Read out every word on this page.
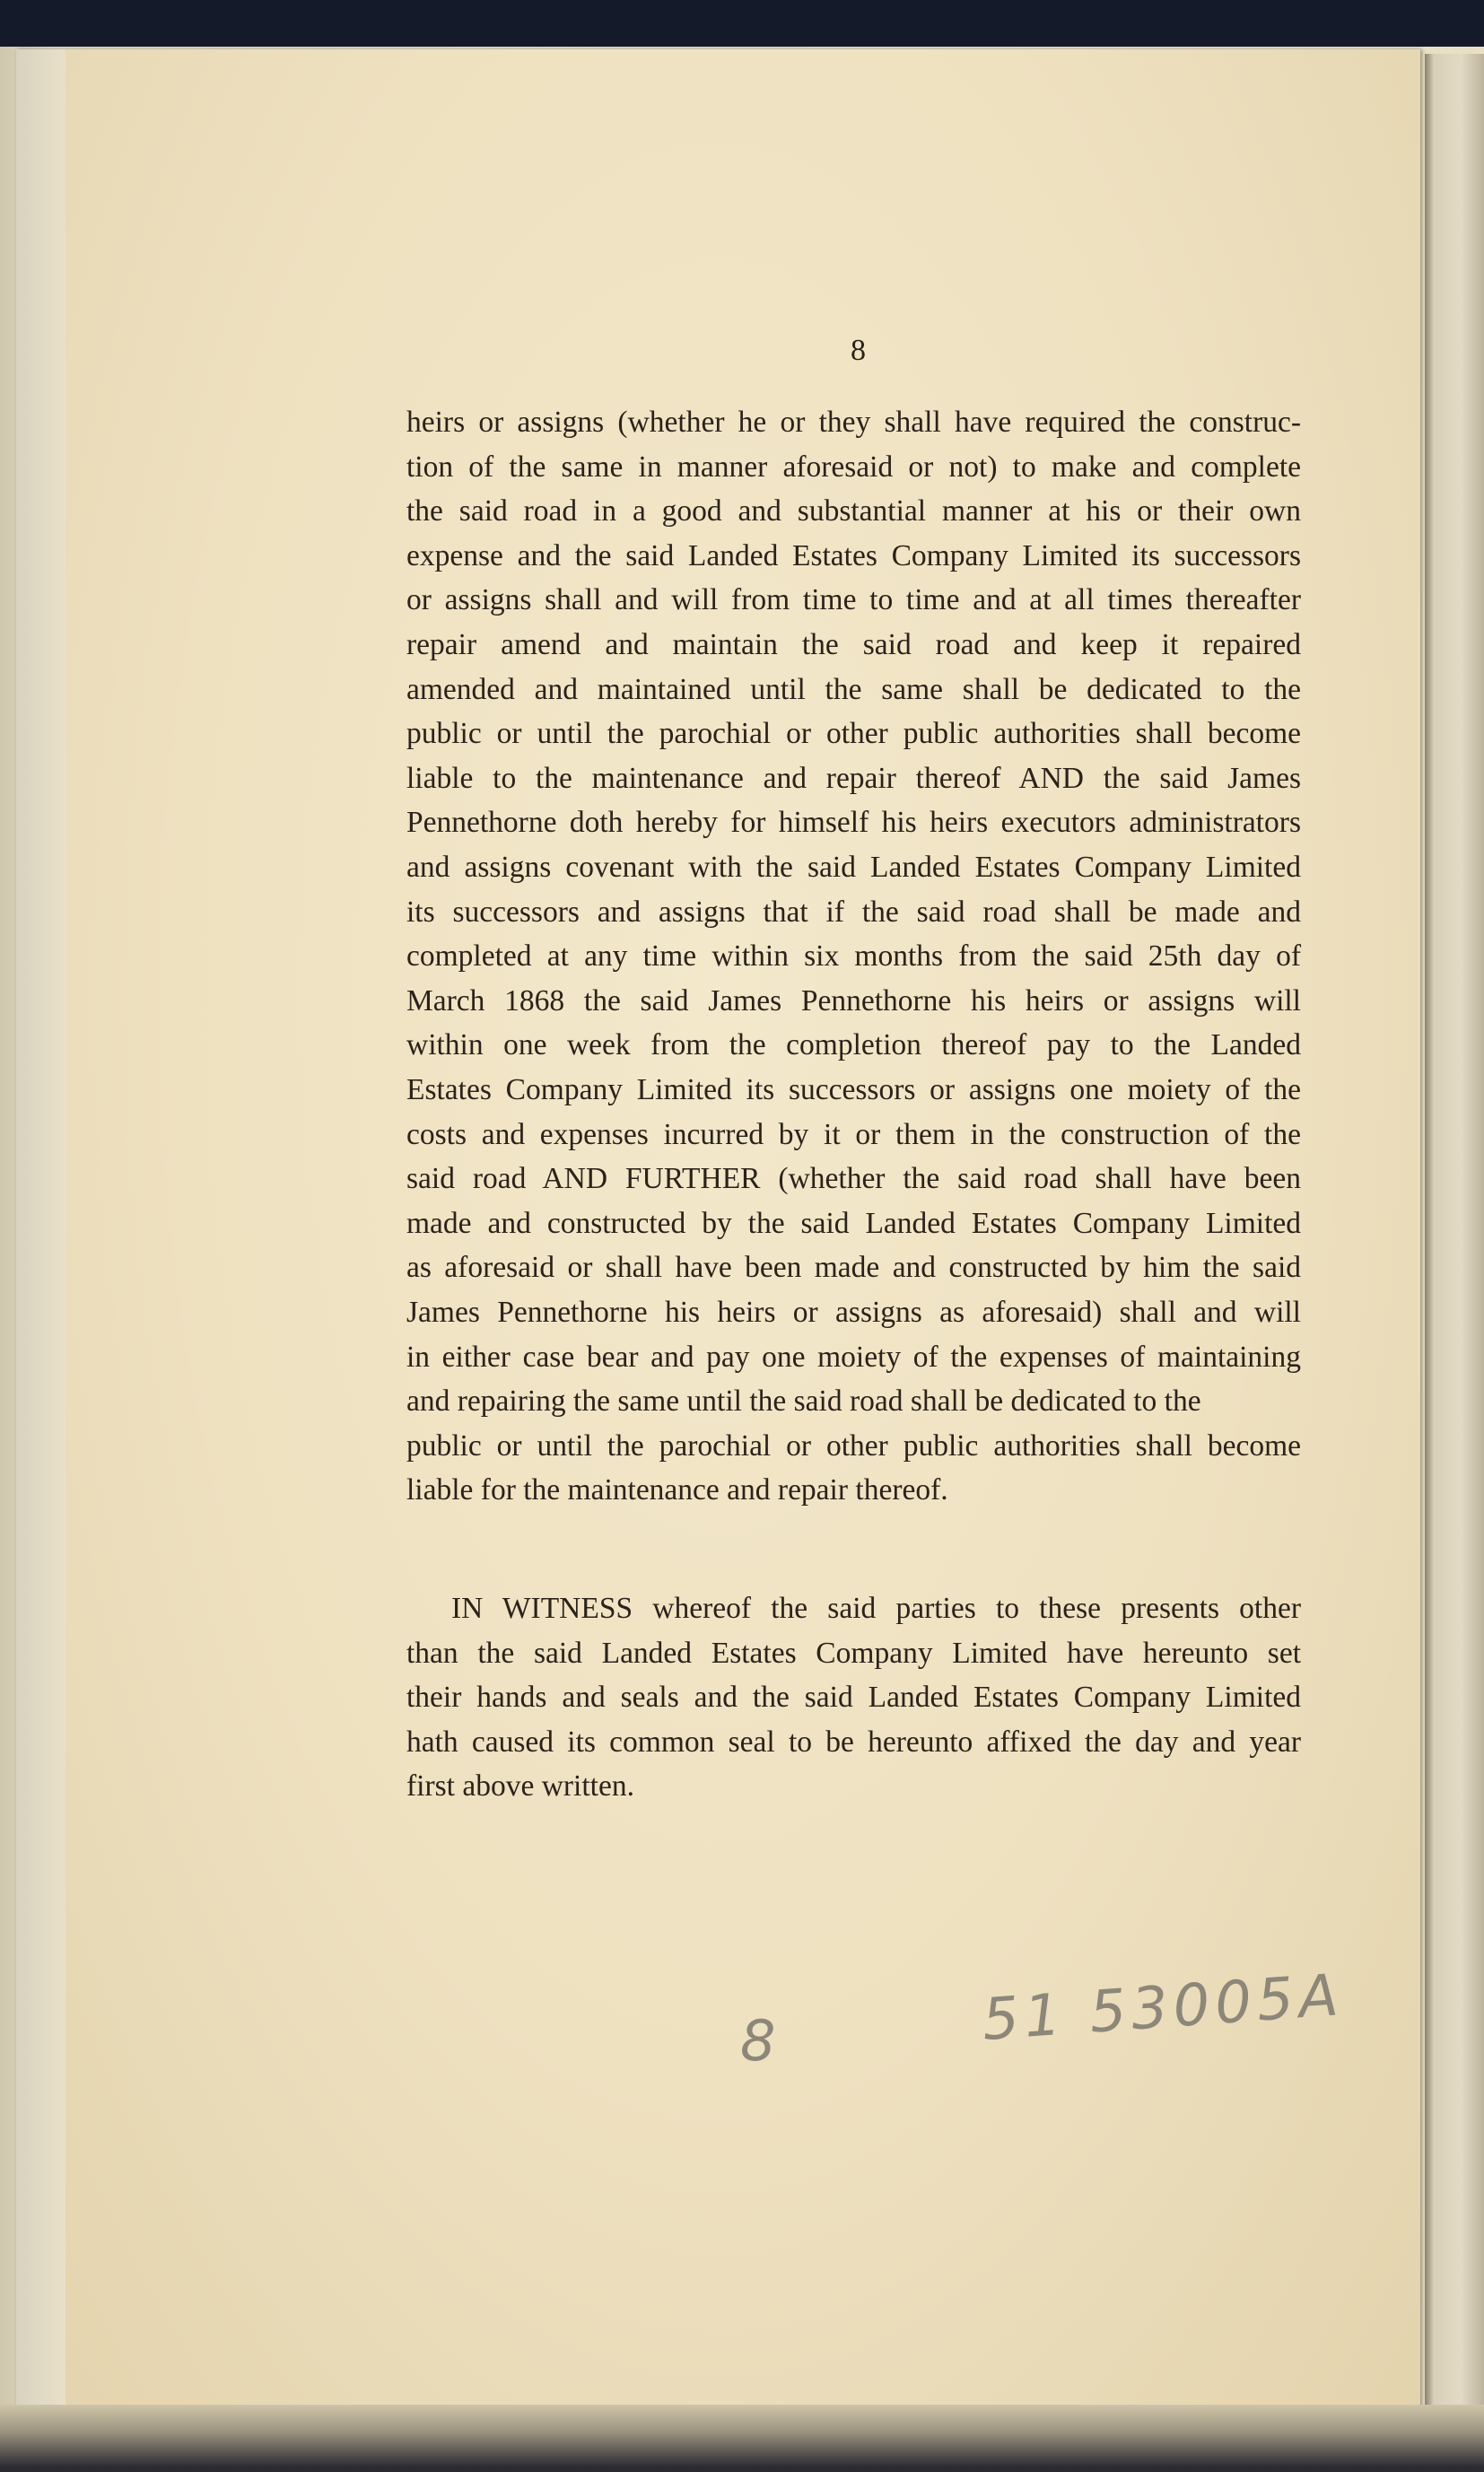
8
heirs or assigns (whether he or they shall have required the construc-
tion of the same in manner aforesaid or not) to make and complete
the said road in a good and substantial manner at his or their own
expense and the said Landed Estates Company Limited its successors
or assigns shall and will from time to time and at all times thereafter
repair amend and maintain the said road and keep it repaired
amended and maintained until the same shall be dedicated to the
public or until the parochial or other public authorities shall become
liable to the maintenance and repair thereof AND the said James
Pennethorne doth hereby for himself his heirs executors administrators
and assigns covenant with the said Landed Estates Company Limited
its successors and assigns that if the said road shall be made and
completed at any time within six months from the said 25th day of
March 1868 the said James Pennethorne his heirs or assigns will
within one week from the completion thereof pay to the Landed
Estates Company Limited its successors or assigns one moiety of the
costs and expenses incurred by it or them in the construction of the
said road AND FURTHER (whether the said road shall have been
made and constructed by the said Landed Estates Company Limited
as aforesaid or shall have been made and constructed by him the said
James Pennethorne his heirs or assigns as aforesaid) shall and will
in either case bear and pay one moiety of the expenses of maintaining
and repairing the same until the said road shall be dedicated to the
public or until the parochial or other public authorities shall become
liable for the maintenance and repair thereof.
IN WITNESS whereof the said parties to these presents other
than the said Landed Estates Company Limited have hereunto set
their hands and seals and the said Landed Estates Company Limited
hath caused its common seal to be hereunto affixed the day and year
first above written.
8	51 53005A
